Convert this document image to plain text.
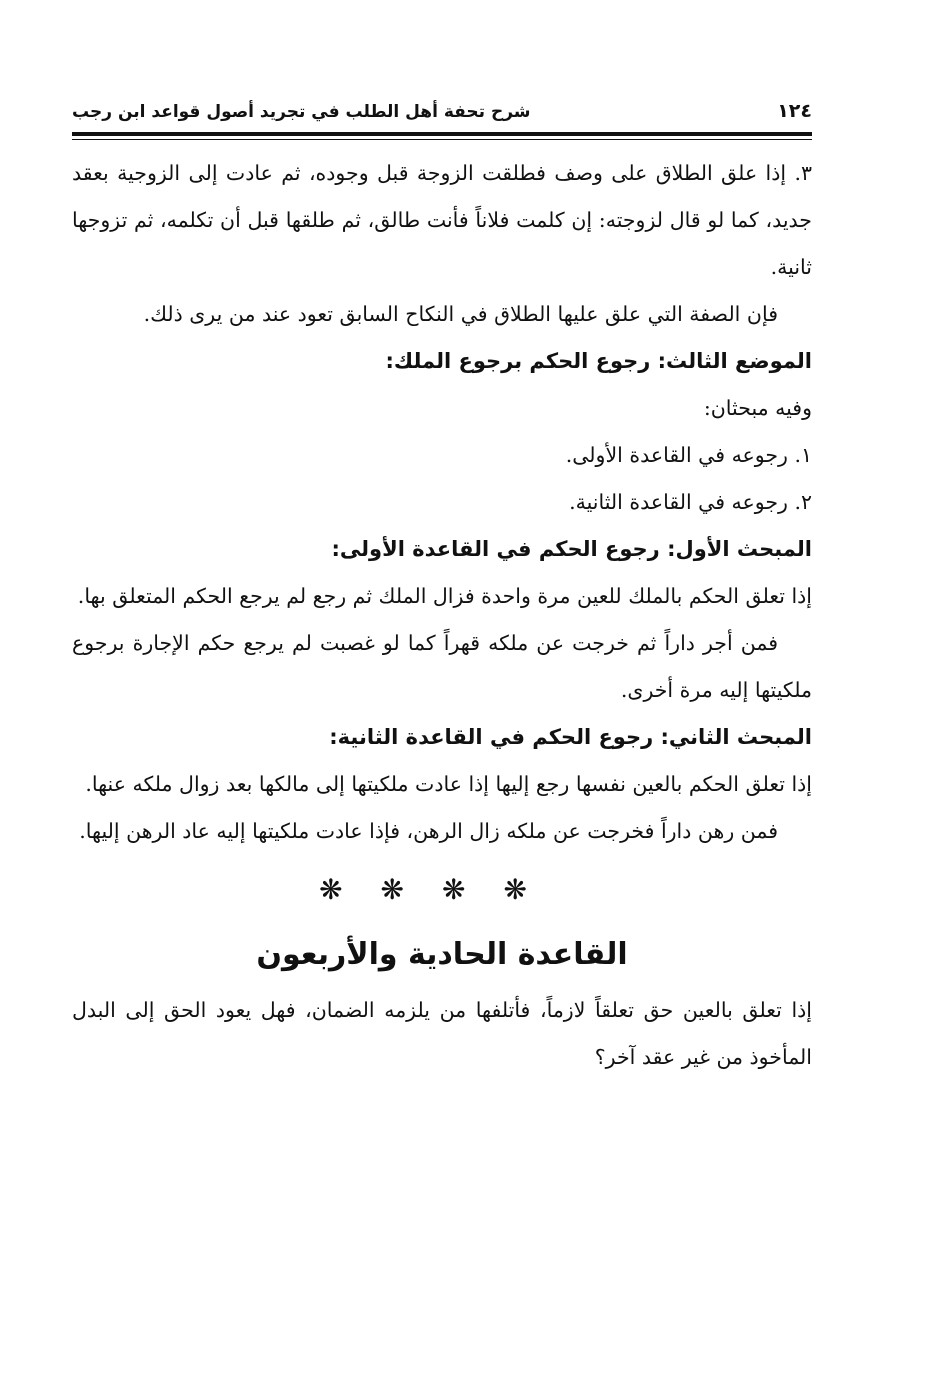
١٢٤
شرح تحفة أهل الطلب في تجريد أصول قواعد ابن رجب

٣. إذا علق الطلاق على وصف فطلقت الزوجة قبل وجوده، ثم عادت إلى الزوجية بعقد جديد، كما لو قال لزوجته: إن كلمت فلاناً فأنت طالق، ثم طلقها قبل أن تكلمه، ثم تزوجها ثانية.

فإن الصفة التي علق عليها الطلاق في النكاح السابق تعود عند من يرى ذلك.

الموضع الثالث: رجوع الحكم برجوع الملك:

وفيه مبحثان:

١. رجوعه في القاعدة الأولى.

٢. رجوعه في القاعدة الثانية.

المبحث الأول: رجوع الحكم في القاعدة الأولى:

إذا تعلق الحكم بالملك للعين مرة واحدة فزال الملك ثم رجع لم يرجع الحكم المتعلق بها.

فمن أجر داراً ثم خرجت عن ملكه قهراً كما لو غصبت لم يرجع حكم الإجارة برجوع ملكيتها إليه مرة أخرى.

المبحث الثاني: رجوع الحكم في القاعدة الثانية:

إذا تعلق الحكم بالعين نفسها رجع إليها إذا عادت ملكيتها إلى مالكها بعد زوال ملكه عنها.

فمن رهن داراً فخرجت عن ملكه زال الرهن، فإذا عادت ملكيتها إليه عاد الرهن إليها.

❋❋❋❋
القاعدة الحادية والأربعون

إذا تعلق بالعين حق تعلقاً لازماً، فأتلفها من يلزمه الضمان، فهل يعود الحق إلى البدل المأخوذ من غير عقد آخر؟
